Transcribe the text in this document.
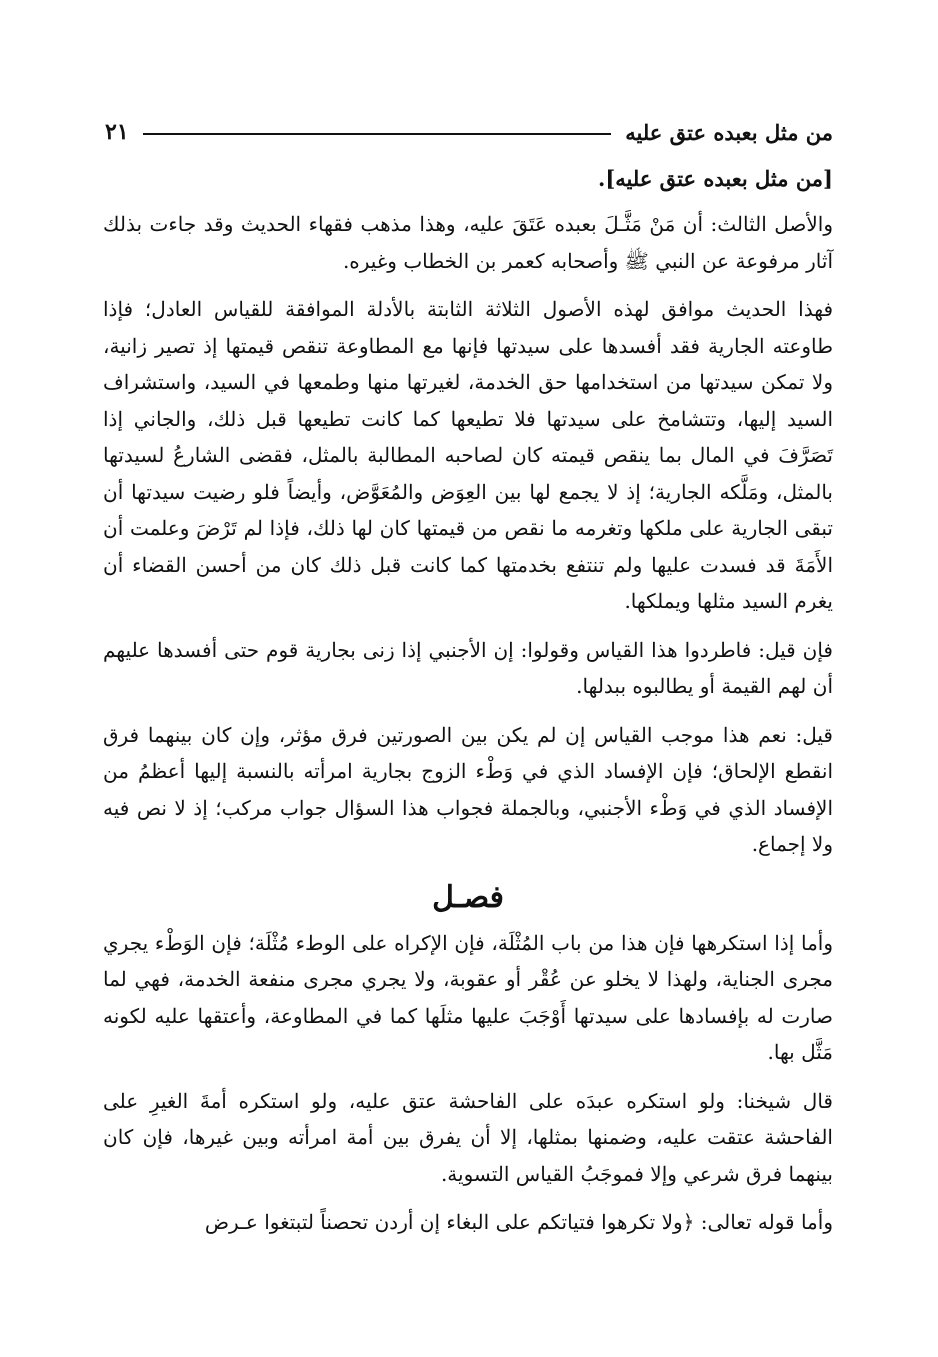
من مثل بعبده عتق عليه
٢١
[من مثل بعبده عتق عليه].

والأصل الثالث: أن مَنْ مَثَّـلَ بعبده عَتَقَ عليه، وهذا مذهب فقهاء الحديث وقد جاءت بذلك آثار مرفوعة عن النبي ﷺ وأصحابه كعمر بن الخطاب وغيره.

فهذا الحديث موافق لهذه الأصول الثلاثة الثابتة بالأدلة الموافقة للقياس العادل؛ فإذا طاوعته الجارية فقد أفسدها على سيدتها فإنها مع المطاوعة تنقص قيمتها إذ تصير زانية، ولا تمكن سيدتها من استخدامها حق الخدمة، لغيرتها منها وطمعها في السيد، واستشراف السيد إليها، وتتشامخ على سيدتها فلا تطيعها كما كانت تطيعها قبل ذلك، والجاني إذا تَصَرَّفَ في المال بما ينقص قيمته كان لصاحبه المطالبة بالمثل، فقضى الشارعُ لسيدتها بالمثل، ومَلَّكه الجارية؛ إذ لا يجمع لها بين العِوَض والمُعَوَّض، وأيضاً فلو رضيت سيدتها أن تبقى الجارية على ملكها وتغرمه ما نقص من قيمتها كان لها ذلك، فإذا لم تَرْضَ وعلمت أن الأَمَةَ قد فسدت عليها ولم تنتفع بخدمتها كما كانت قبل ذلك كان من أحسن القضاء أن يغرم السيد مثلها ويملكها.

فإن قيل: فاطردوا هذا القياس وقولوا: إن الأجنبي إذا زنى بجارية قوم حتى أفسدها عليهم أن لهم القيمة أو يطالبوه ببدلها.

قيل: نعم هذا موجب القياس إن لم يكن بين الصورتين فرق مؤثر، وإن كان بينهما فرق انقطع الإلحاق؛ فإن الإفساد الذي في وَطْء الزوج بجارية امرأته بالنسبة إليها أعظمُ من الإفساد الذي في وَطْء الأجنبي، وبالجملة فجواب هذا السؤال جواب مركب؛ إذ لا نص فيه ولا إجماع.

فصـل

وأما إذا استكرهها فإن هذا من باب المُثْلَة، فإن الإكراه على الوطء مُثْلَة؛ فإن الوَطْء يجري مجرى الجناية، ولهذا لا يخلو عن عُقْر أو عقوبة، ولا يجري مجرى منفعة الخدمة، فهي لما صارت له بإفسادها على سيدتها أَوْجَبَ عليها مثلَها كما في المطاوعة، وأعتقها عليه لكونه مَثَّل بها.

قال شيخنا: ولو استكره عبدَه على الفاحشة عتق عليه، ولو استكره أمةَ الغيرِ على الفاحشة عتقت عليه، وضمنها بمثلها، إلا أن يفرق بين أمة امرأته وبين غيرها، فإن كان بينهما فرق شرعي وإلا فموجَبُ القياس التسوية.

وأما قوله تعالى: ﴿ولا تكرهوا فتياتكم على البغاء إن أردن تحصناً لتبتغوا عـرض
